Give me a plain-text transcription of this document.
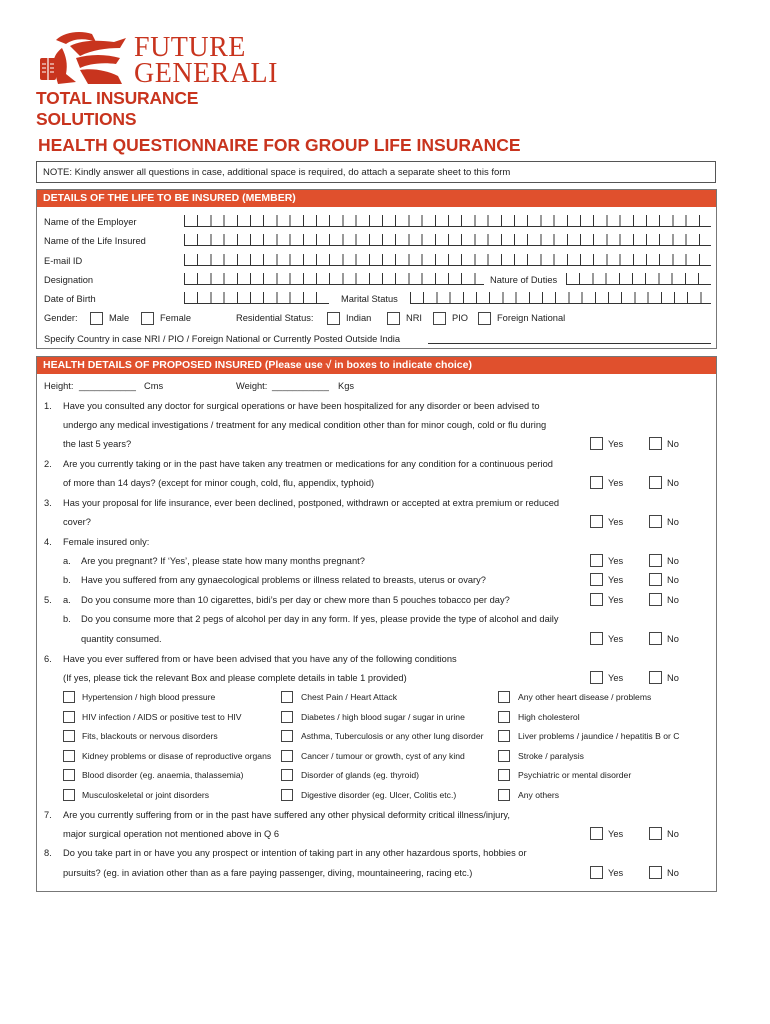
FUTURE
GENERALI
TOTAL INSURANCE SOLUTIONS
HEALTH QUESTIONNAIRE FOR GROUP LIFE INSURANCE
NOTE: Kindly answer all questions in case, additional space is required, do attach a separate sheet to this form
DETAILS OF THE LIFE TO BE INSURED (MEMBER)
Name of the Employer
Name of the Life Insured
E-mail ID
Designation	Nature of Duties
Date of Birth	Marital Status
Gender:	Male	Female	Residential Status:	Indian	NRI	PIO	Foreign National
Specify Country in case NRI / PIO / Foreign National or Currently Posted Outside India
HEALTH DETAILS OF PROPOSED INSURED (Please use √ in boxes to indicate choice)
Height: ___________ Cms	Weight: ___________ Kgs
1. Have you consulted any doctor for surgical operations or have been hospitalized for any disorder or been advised to
undergo any medical investigations / treatment for any medical condition other than for minor cough, cold or flu during
the last 5 years?	Yes	No
2. Are you currently taking or in the past have taken any treatmen or medications for any condition for a continuous period
of more than 14 days? (except for minor cough, cold, flu, appendix, typhoid)	Yes	No
3. Has your proposal for life insurance, ever been declined, postponed, withdrawn or accepted at extra premium or reduced
cover?	Yes	No
4. Female insured only:
a. Are you pregnant? If ‘Yes’, please state how many months pregnant?	Yes	No
b. Have you suffered from any gynaecological problems or illness related to breasts, uterus or ovary?	Yes	No
5. a. Do you consume more than 10 cigarettes, bidi’s per day or chew more than 5 pouches tobacco per day?	Yes	No
b. Do you consume more that 2 pegs of alcohol per day in any form. If yes, please provide the type of alcohol and daily
quantity consumed.	Yes	No
6. Have you ever suffered from or have been advised that you have any of the following conditions
(If yes, please tick the relevant Box and please complete details in table 1 provided)	Yes	No
Hypertension / high blood pressure	Chest Pain / Heart Attack	Any other heart disease / problems
HIV infection / AIDS or positive test to HIV	Diabetes / high blood sugar / sugar in urine	High cholesterol
Fits, blackouts or nervous disorders	Asthma, Tuberculosis or any other lung disorder	Liver problems / jaundice / hepatitis B or C
Kidney problems or disase of reproductive organs	Cancer / tumour or growth, cyst of any kind	Stroke / paralysis
Blood disorder (eg. anaemia, thalassemia)	Disorder of glands (eg. thyroid)	Psychiatric or mental disorder
Musculoskeletal or joint disorders	Digestive disorder (eg. Ulcer, Colitis etc.)	Any others
7. Are you currently suffering from or in the past have suffered any other physical deformity critical illness/injury,
major surgical operation not mentioned above in Q 6	Yes	No
8. Do you take part in or have you any prospect or intention of taking part in any other hazardous sports, hobbies or
pursuits? (eg. in aviation other than as a fare paying passenger, diving, mountaineering, racing etc.)	Yes	No
